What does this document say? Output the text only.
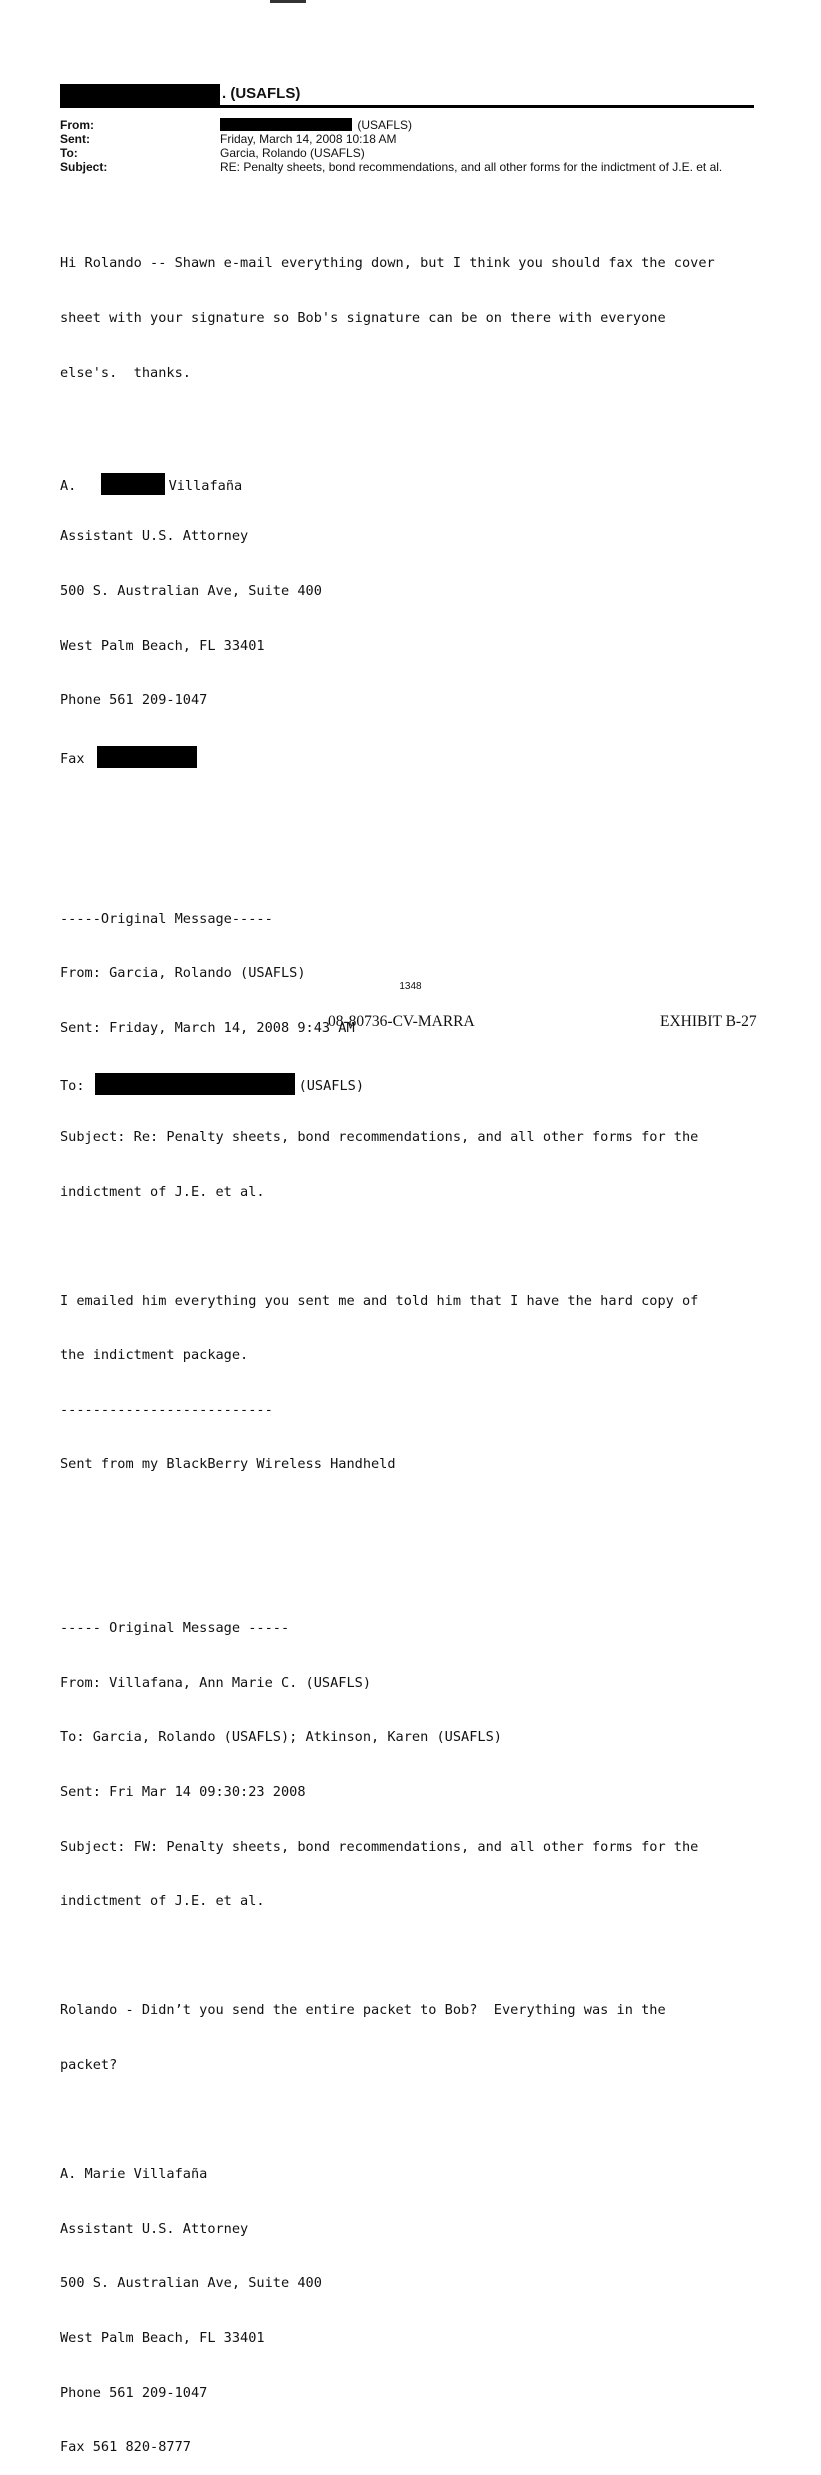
. (USAFLS)
From:	(USAFLS)
Sent:	Friday, March 14, 2008 10:18 AM
To:	Garcia, Rolando (USAFLS)
Subject:	RE: Penalty sheets, bond recommendations, and all other forms for the indictment of J.E. et al.

Hi Rolando -- Shawn e-mail everything down, but I think you should fax the cover

sheet with your signature so Bob's signature can be on there with everyone

else's.  thanks.

A.	Villafaña

Assistant U.S. Attorney

500 S. Australian Ave, Suite 400

West Palm Beach, FL 33401

Phone 561 209-1047

Fax

-----Original Message-----

From: Garcia, Rolando (USAFLS)

Sent: Friday, March 14, 2008 9:43 AM

To:	(USAFLS)

Subject: Re: Penalty sheets, bond recommendations, and all other forms for the

indictment of J.E. et al.

I emailed him everything you sent me and told him that I have the hard copy of

the indictment package.

--------------------------

Sent from my BlackBerry Wireless Handheld

----- Original Message -----

From: Villafana, Ann Marie C. (USAFLS)

To: Garcia, Rolando (USAFLS); Atkinson, Karen (USAFLS)

Sent: Fri Mar 14 09:30:23 2008

Subject: FW: Penalty sheets, bond recommendations, and all other forms for the

indictment of J.E. et al.

Rolando - Didn’t you send the entire packet to Bob?  Everything was in the

packet?

A. Marie Villafaña

Assistant U.S. Attorney

500 S. Australian Ave, Suite 400

West Palm Beach, FL 33401

Phone 561 209-1047

Fax 561 820-8777

1348
08-80736-CV-MARRA	EXHIBIT B-27
